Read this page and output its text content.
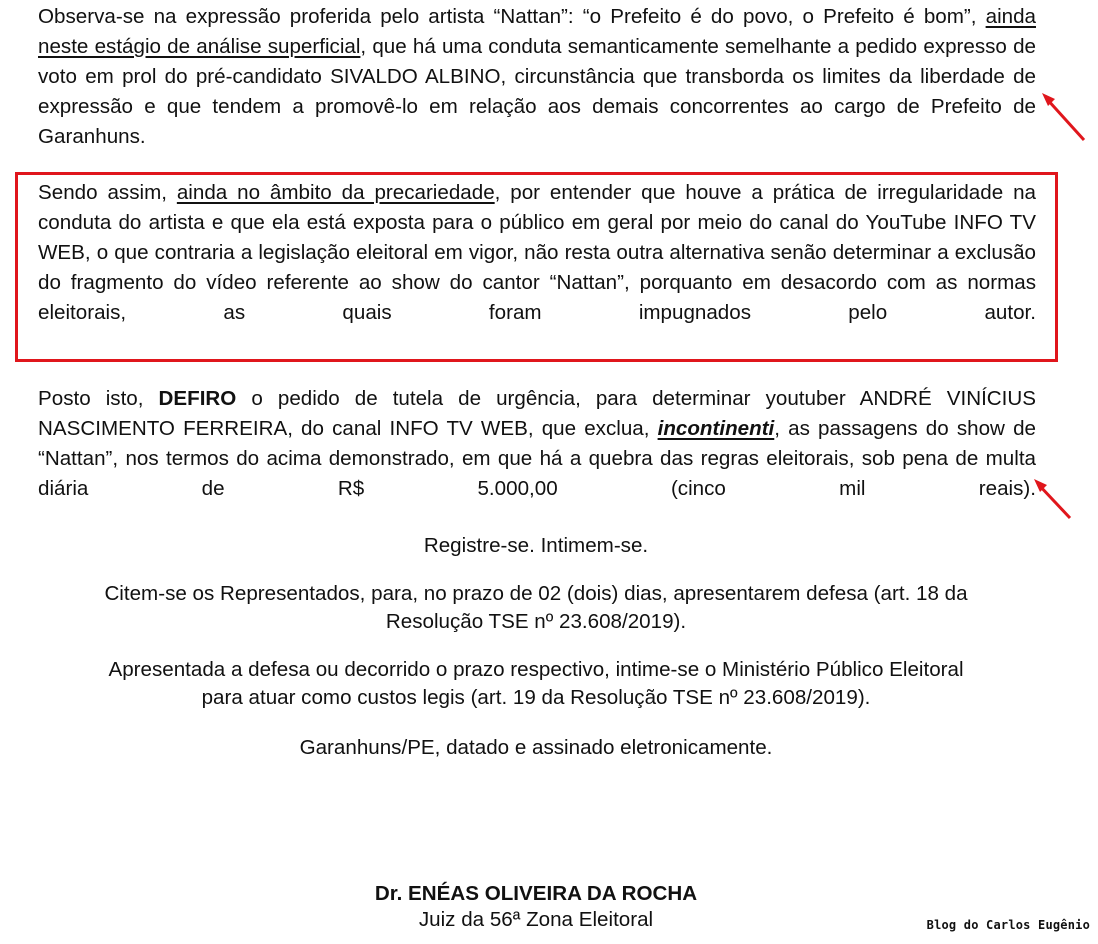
Observa-se na expressão proferida pelo artista “Nattan”: “o Prefeito é do povo, o Prefeito é bom”, ainda neste estágio de análise superficial, que há uma conduta semanticamente semelhante a pedido expresso de voto em prol do pré-candidato SIVALDO ALBINO, circunstância que transborda os limites da liberdade de expressão e que tendem a promovê-lo em relação aos demais concorrentes ao cargo de Prefeito de Garanhuns.

Sendo assim, ainda no âmbito da precariedade, por entender que houve a prática de irregularidade na conduta do artista e que ela está exposta para o público em geral por meio do canal do YouTube INFO TV WEB, o que contraria a legislação eleitoral em vigor, não resta outra alternativa senão determinar a exclusão do fragmento do vídeo referente ao show do cantor “Nattan”, porquanto em desacordo com as normas eleitorais, as quais foram impugnados pelo autor.

Posto isto, DEFIRO o pedido de tutela de urgência, para determinar youtuber ANDRÉ VINÍCIUS NASCIMENTO FERREIRA, do canal INFO TV WEB, que exclua, incontinenti, as passagens do show de “Nattan”, nos termos do acima demonstrado, em que há a quebra das regras eleitorais, sob pena de multa diária de R$ 5.000,00 (cinco mil reais).

Registre-se. Intimem-se.

Citem-se os Representados, para, no prazo de 02 (dois) dias, apresentarem defesa (art. 18 da
Resolução TSE nº 23.608/2019).

Apresentada a defesa ou decorrido o prazo respectivo, intime-se o Ministério Público Eleitoral
para atuar como custos legis (art. 19 da Resolução TSE nº 23.608/2019).

Garanhuns/PE, datado e assinado eletronicamente.

Dr. ENÉAS OLIVEIRA DA ROCHA

Juiz da 56ª Zona Eleitoral	Blog do Carlos Eugênio
